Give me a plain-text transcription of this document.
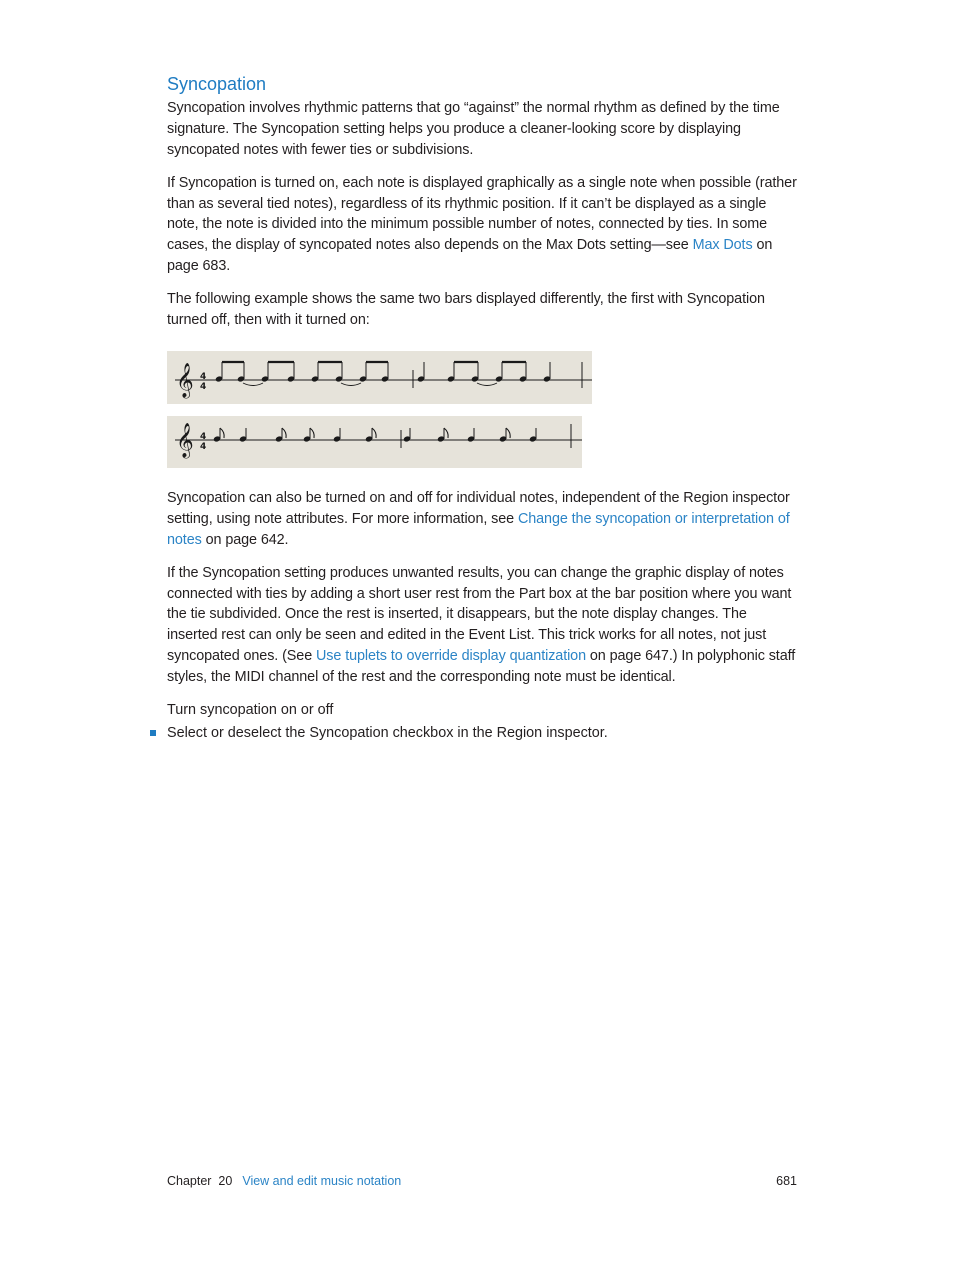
Syncopation

Syncopation involves rhythmic patterns that go “against” the normal rhythm as defined by the time signature. The Syncopation setting helps you produce a cleaner-looking score by displaying syncopated notes with fewer ties or subdivisions.

If Syncopation is turned on, each note is displayed graphically as a single note when possible (rather than as several tied notes), regardless of its rhythmic position. If it can’t be displayed as a single note, the note is divided into the minimum possible number of notes, connected by ties. In some cases, the display of syncopated notes also depends on the Max Dots setting—see Max Dots on page 683.

The following example shows the same two bars displayed differently, the first with Syncopation turned off, then with it turned on:

𝄞 4
4
𝄞 4
4

Syncopation can also be turned on and off for individual notes, independent of the Region inspector setting, using note attributes. For more information, see Change the syncopation or interpretation of notes on page 642.

If the Syncopation setting produces unwanted results, you can change the graphic display of notes connected with ties by adding a short user rest from the Part box at the bar position where you want the tie subdivided. Once the rest is inserted, it disappears, but the note display changes. The inserted rest can only be seen and edited in the Event List. This trick works for all notes, not just syncopated ones. (See Use tuplets to override display quantization on page 647.) In polyphonic staff styles, the MIDI channel of the rest and the corresponding note must be identical.

Turn syncopation on or off
Select or deselect the Syncopation checkbox in the Region inspector.
Chapter  20 View and edit music notation	681
